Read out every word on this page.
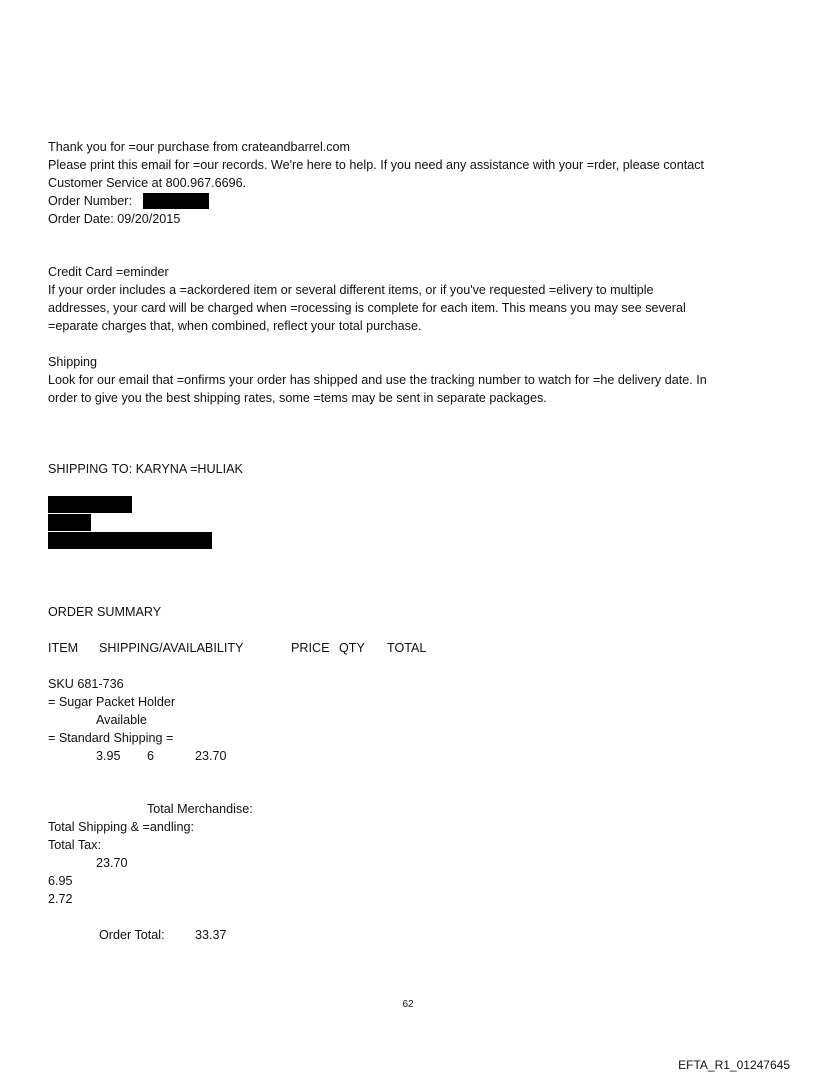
Thank you for =our purchase from crateandbarrel.com
Please print this email for =our records. We're here to help. If you need any assistance with your =rder, please contact
Customer Service at 800.967.6696.
Order Number:
Order Date: 09/20/2015
Credit Card =eminder
If your order includes a =ackordered item or several different items, or if you've requested =elivery to multiple
addresses, your card will be charged when =rocessing is complete for each item. This means you may see several
=eparate charges that, when combined, reflect your total purchase.
Shipping
Look for our email that =onfirms your order has shipped and use the tracking number to watch for =he delivery date. In
order to give you the best shipping rates, some =tems may be sent in separate packages.
SHIPPING TO: KARYNA =HULIAK
ORDER SUMMARY
ITEM SHIPPING/AVAILABILITY	PRICE QTY TOTAL
SKU 681-736
= Sugar Packet Holder
Available
= Standard Shipping =
3.95 6	23.70
Total Merchandise:
Total Shipping & =andling:
Total Tax:
23.70
6.95
2.72
Order Total: 33.37
62
EFTA_R1_01247645
